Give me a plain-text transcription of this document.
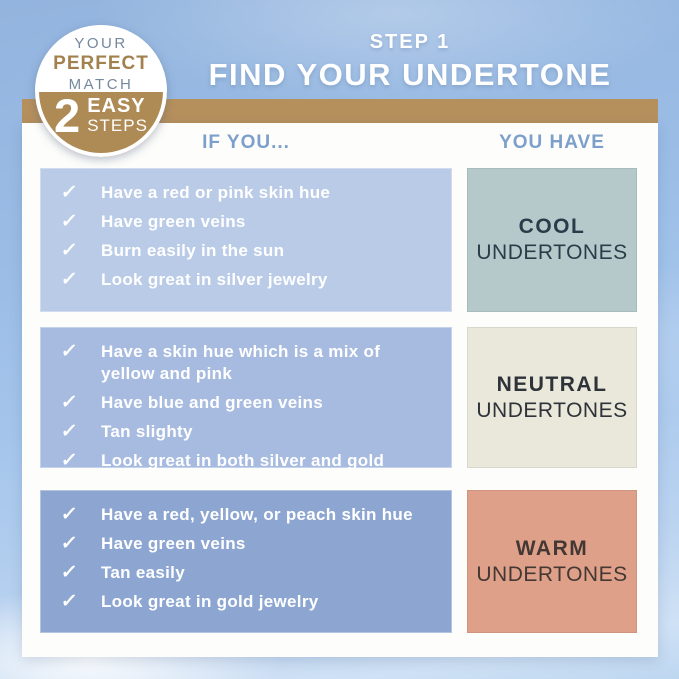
STEP 1
FIND YOUR UNDERTONE
IF YOU...	YOU HAVE
✓	Have a red or pink skin hue
✓	Have green veins
✓	Burn easily in the sun
✓	Look great in silver jewelry
COOL
UNDERTONES
✓	Have a skin hue which is a mix of yellow and pink
✓	Have blue and green veins
✓	Tan slighty
✓	Look great in both silver and gold
NEUTRAL
UNDERTONES
✓	Have a red, yellow, or peach skin hue
✓	Have green veins
✓	Tan easily
✓	Look great in gold jewelry
WARM
UNDERTONES
YOUR
PERFECT
MATCH
2 EASY
STEPS
